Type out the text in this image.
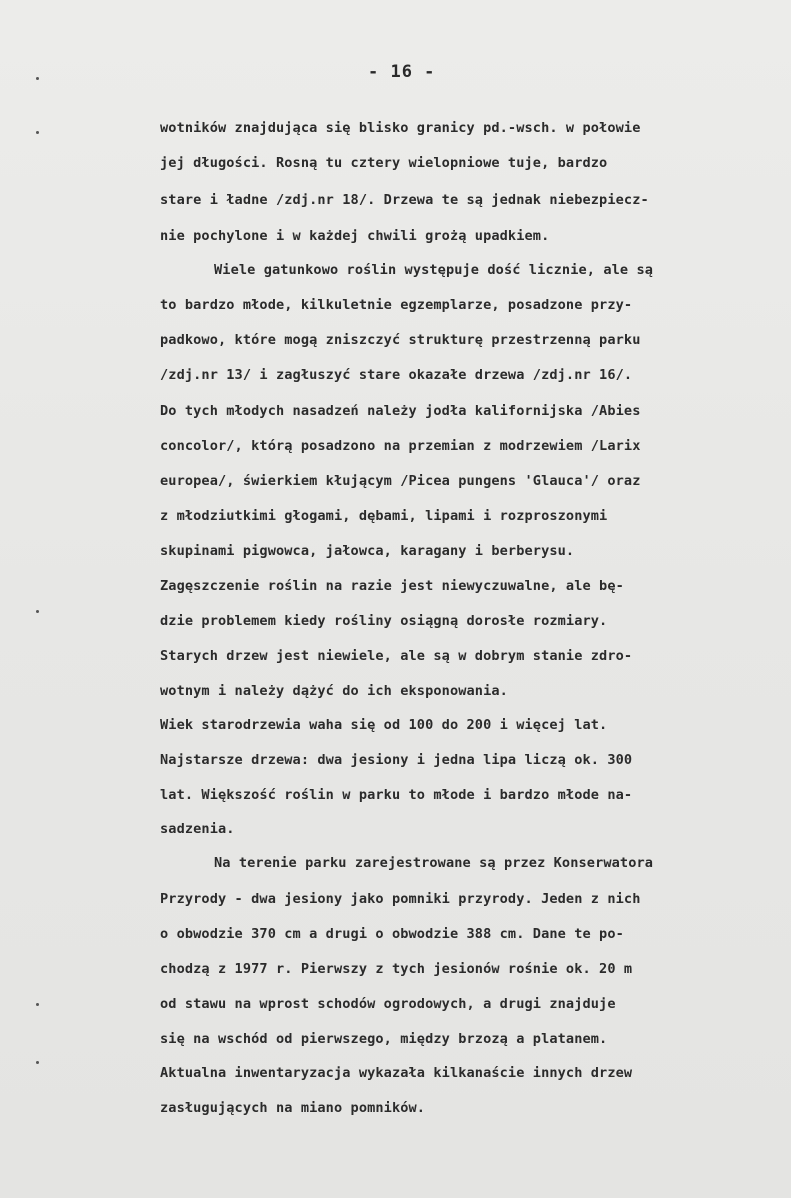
- 16 -
wotników znajdująca się blisko granicy pd.-wsch. w połowie
jej długości. Rosną tu cztery wielopniowe tuje, bardzo
stare i ładne /zdj.nr 18/. Drzewa te są jednak niebezpiecz-
nie pochylone i w każdej chwili grożą upadkiem.
Wiele gatunkowo roślin występuje dość licznie, ale są
to bardzo młode, kilkuletnie egzemplarze, posadzone przy-
padkowo, które mogą zniszczyć strukturę przestrzenną parku
/zdj.nr 13/ i zagłuszyć stare okazałe drzewa /zdj.nr 16/.
Do tych młodych nasadzeń należy jodła kalifornijska /Abies
concolor/, którą posadzono na przemian z modrzewiem /Larix
europea/, świerkiem kłującym /Picea pungens 'Glauca'/ oraz
z młodziutkimi głogami, dębami, lipami i rozproszonymi
skupinami pigwowca, jałowca, karagany i berberysu.
Zagęszczenie roślin na razie jest niewyczuwalne, ale bę-
dzie problemem kiedy rośliny osiągną dorosłe rozmiary.
Starych drzew jest niewiele, ale są w dobrym stanie zdro-
wotnym i należy dążyć do ich eksponowania.
Wiek starodrzewia waha się od 100 do 200 i więcej lat.
Najstarsze drzewa: dwa jesiony i jedna lipa liczą ok. 300
lat. Większość roślin w parku to młode i bardzo młode na-
sadzenia.
Na terenie parku zarejestrowane są przez Konserwatora
Przyrody - dwa jesiony jako pomniki przyrody. Jeden z nich
o obwodzie 370 cm a drugi o obwodzie 388 cm. Dane te po-
chodzą z 1977 r. Pierwszy z tych jesionów rośnie ok. 20 m
od stawu na wprost schodów ogrodowych, a drugi znajduje
się na wschód od pierwszego, między brzozą a platanem.
Aktualna inwentaryzacja wykazała kilkanaście innych drzew
zasługujących na miano pomników.
